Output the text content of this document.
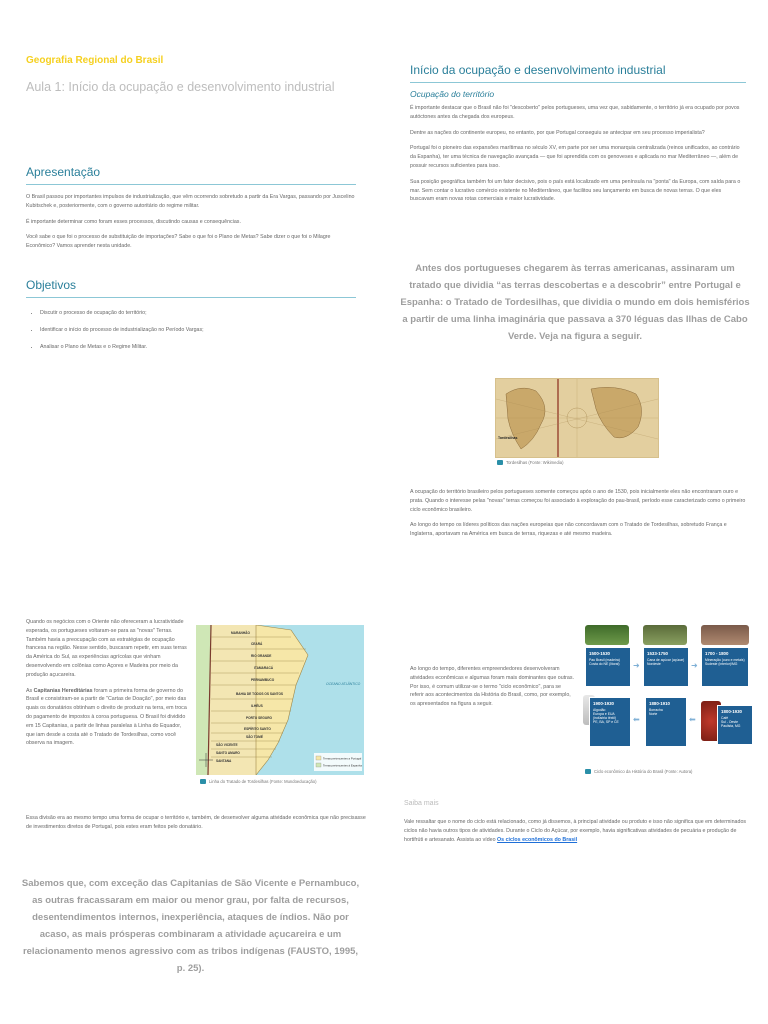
Geografia Regional do Brasil
Aula 1: Início da ocupação e desenvolvimento industrial
Apresentação

O Brasil passou por importantes impulsos de industrialização, que vêm ocorrendo sobretudo a partir da Era Vargas, passando por Juscelino Kubitschek e, posteriormente, com o governo autoritário do regime militar.

É importante determinar como foram esses processos, discutindo causas e consequências.

Você sabe o que foi o processo de substituição de importações? Sabe o que foi o Plano de Metas? Sabe dizer o que foi o Milagre Econômico? Vamos aprender nesta unidade.

Objetivos
• Discutir o processo de ocupação do território;
• Identificar o início do processo de industrialização no Período Vargas;
• Analisar o Plano de Metas e o Regime Militar.

Quando os negócios com o Oriente não ofereceram a lucratividade esperada, os portugueses voltaram-se para as "novas" Terras. Também havia a preocupação com as estratégias de ocupação francesa na região. Nesse sentido, buscaram repetir, em suas terras da América do Sul, as experiências agrícolas que vinham desenvolvendo em colônias como Açores e Madeira por meio da produção açucareira.

As Capitanias Hereditárias foram a primeira forma de governo do Brasil e consistiram-se a partir de "Cartas de Doação", por meio das quais os donatários obtinham o direito de produzir na terra, em troca do pagamento de impostos à coroa portuguesa. O Brasil foi dividido em 15 Capitanias, a partir de linhas paralelas à Linha do Equador, que iam desde a costa até o Tratado de Tordesilhas, como você observa na imagem.

MARANHÃO
CEARÁ
RIO GRANDE
ITAMARACÁ
PERNAMBUCO
BAHIA DE TODOS OS SANTOS
ILHÉUS
PORTO SEGURO
ESPÍRITO SANTO
SÃO TOMÉ
SÃO VICENTE
SANTO AMARO
SANTANA
OCEANO ATLÂNTICO
Terras pertencentes a Portugal
Terras pertencentes à Espanha
Linha do Tratado de Tordesilhas (Fonte: Mundoeducação)

Essa divisão era ao mesmo tempo uma forma de ocupar o território e, também, de desenvolver alguma atividade econômica que não precisasse de investimentos diretos de Portugal, pois estes eram feitos pelo donatário.

Sabemos que, com exceção das Capitanias de São Vicente e Pernambuco, as outras fracassaram em maior ou menor grau, por falta de recursos, desentendimentos internos, inexperiência, ataques de índios. Não por acaso, as mais prósperas combinaram a atividade açucareira e um relacionamento menos agressivo com as tribos indígenas (FAUSTO, 1995, p. 25).
Início da ocupação e desenvolvimento industrial
Ocupação do território

É importante destacar que o Brasil não foi "descoberto" pelos portugueses, uma vez que, sabidamente, o território já era ocupado por povos autóctones antes da chegada dos europeus.

Dentre as nações do continente europeu, no entanto, por que Portugal conseguiu se antecipar em seu processo imperialista?

Portugal foi o pioneiro das expansões marítimas no século XV, em parte por ser uma monarquia centralizada (reinos unificados, ao contrário da Espanha), ter uma técnica de navegação avançada — que foi aprendida com os genoveses e aplicada no mar Mediterrâneo —, além de possuir recursos suficientes para isso.

Sua posição geográfica também foi um fator decisivo, pois o país está localizado em uma península na "ponta" da Europa, com saída para o mar. Sem contar o lucrativo comércio existente no Mediterrâneo, que facilitou seu lançamento em busca de novas terras. O que eles buscavam eram novas rotas comerciais e maior lucratividade.

Antes dos portugueses chegarem às terras americanas, assinaram um tratado que dividia “as terras descobertas e a descobrir” entre Portugal e Espanha: o Tratado de Tordesilhas, que dividia o mundo em dois hemisférios a partir de uma linha imaginária que passava a 370 léguas das Ilhas de Cabo Verde. Veja na figura a seguir.
Tordesilhas
Tordesilhas (Fonte: Wikimedia)

A ocupação do território brasileiro pelos portugueses somente começou após o ano de 1530, pois inicialmente eles não encontraram ouro e prata. Quando o interesse pelas "novas" terras começou foi associado à exploração do pau-brasil, período esse caracterizado como o primeiro ciclo econômico brasileiro.

Ao longo do tempo os líderes políticos das nações europeias que não concordavam com o Tratado de Tordesilhas, sobretudo França e Inglaterra, aportavam na América em busca de terras, riquezas e até mesmo madeira.

Ao longo do tempo, diferentes empreendedores desenvolveram atividades econômicas e algumas foram mais dominantes que outras. Por isso, é comum utilizar-se o termo "ciclo econômico", para se referir aos acontecimentos da História do Brasil, como, por exemplo, os apresentados na figura a seguir.

1500-1530
Pau Brasil (madeira)
Costa do NE (litoral)	➜
1533-1750
Cana de açúcar (açúcar)
Nordeste	➜
1700 - 1800
Mineração (ouro e metais)
Sudeste (interior)/MG
1900-1930
Algodão
Europa e EUA (indústria têxtil)
PE, BA, SP e CE	⬅
1880-1910
Borracha
Norte
⬅
1800-1930
Café
Sul - Oeste Paulista, MG
Ciclo econômico da História do Brasil (Fonte: Autora)
Saiba mais

Vale ressaltar que o nome do ciclo está relacionado, como já dissemos, à principal atividade ou produto e isso não significa que em determinados ciclos não havia outros tipos de atividades. Durante o Ciclo do Açúcar, por exemplo, havia significativas atividades de pecuária e produção de hortifrúti e artesanato. Assista ao vídeo Os ciclos econômicos do Brasil
